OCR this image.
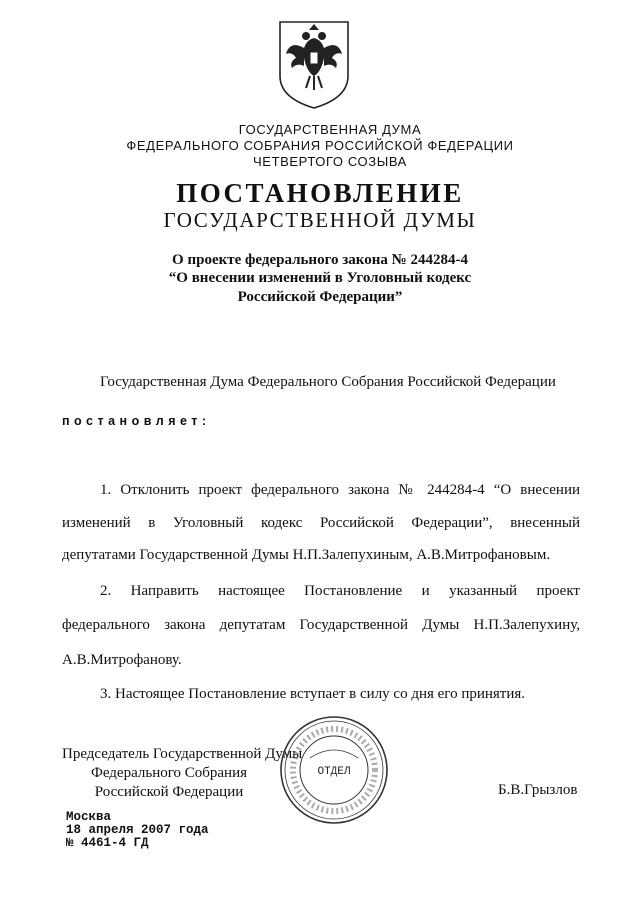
ГОСУДАРСТВЕННАЯ ДУМА
ФЕДЕРАЛЬНОГО СОБРАНИЯ РОССИЙСКОЙ ФЕДЕРАЦИИ
ЧЕТВЕРТОГО СОЗЫВА
ПОСТАНОВЛЕНИЕ
ГОСУДАРСТВЕННОЙ ДУМЫ
О проекте федерального закона № 244284-4
“О внесении изменений в Уголовный кодекс
Российской Федерации”
Государственная Дума Федерального Собрания Российской Федерации
постановляет:
1. Отклонить проект федерального закона № 244284-4 “О внесении
изменений в Уголовный кодекс Российской Федерации”, внесенный
депутатами Государственной Думы Н.П.Залепухиным, А.В.Митрофановым.
2. Направить настоящее Постановление и указанный проект
федерального закона депутатам Государственной Думы Н.П.Залепухину,
А.В.Митрофанову.
3. Настоящее Постановление вступает в силу со дня его принятия.
Председатель Государственной Думы
Федерального Собрания
Российской Федерации
ОТДЕЛ
Б.В.Грызлов
Москва
18 апреля 2007 года
№ 4461-4 ГД
